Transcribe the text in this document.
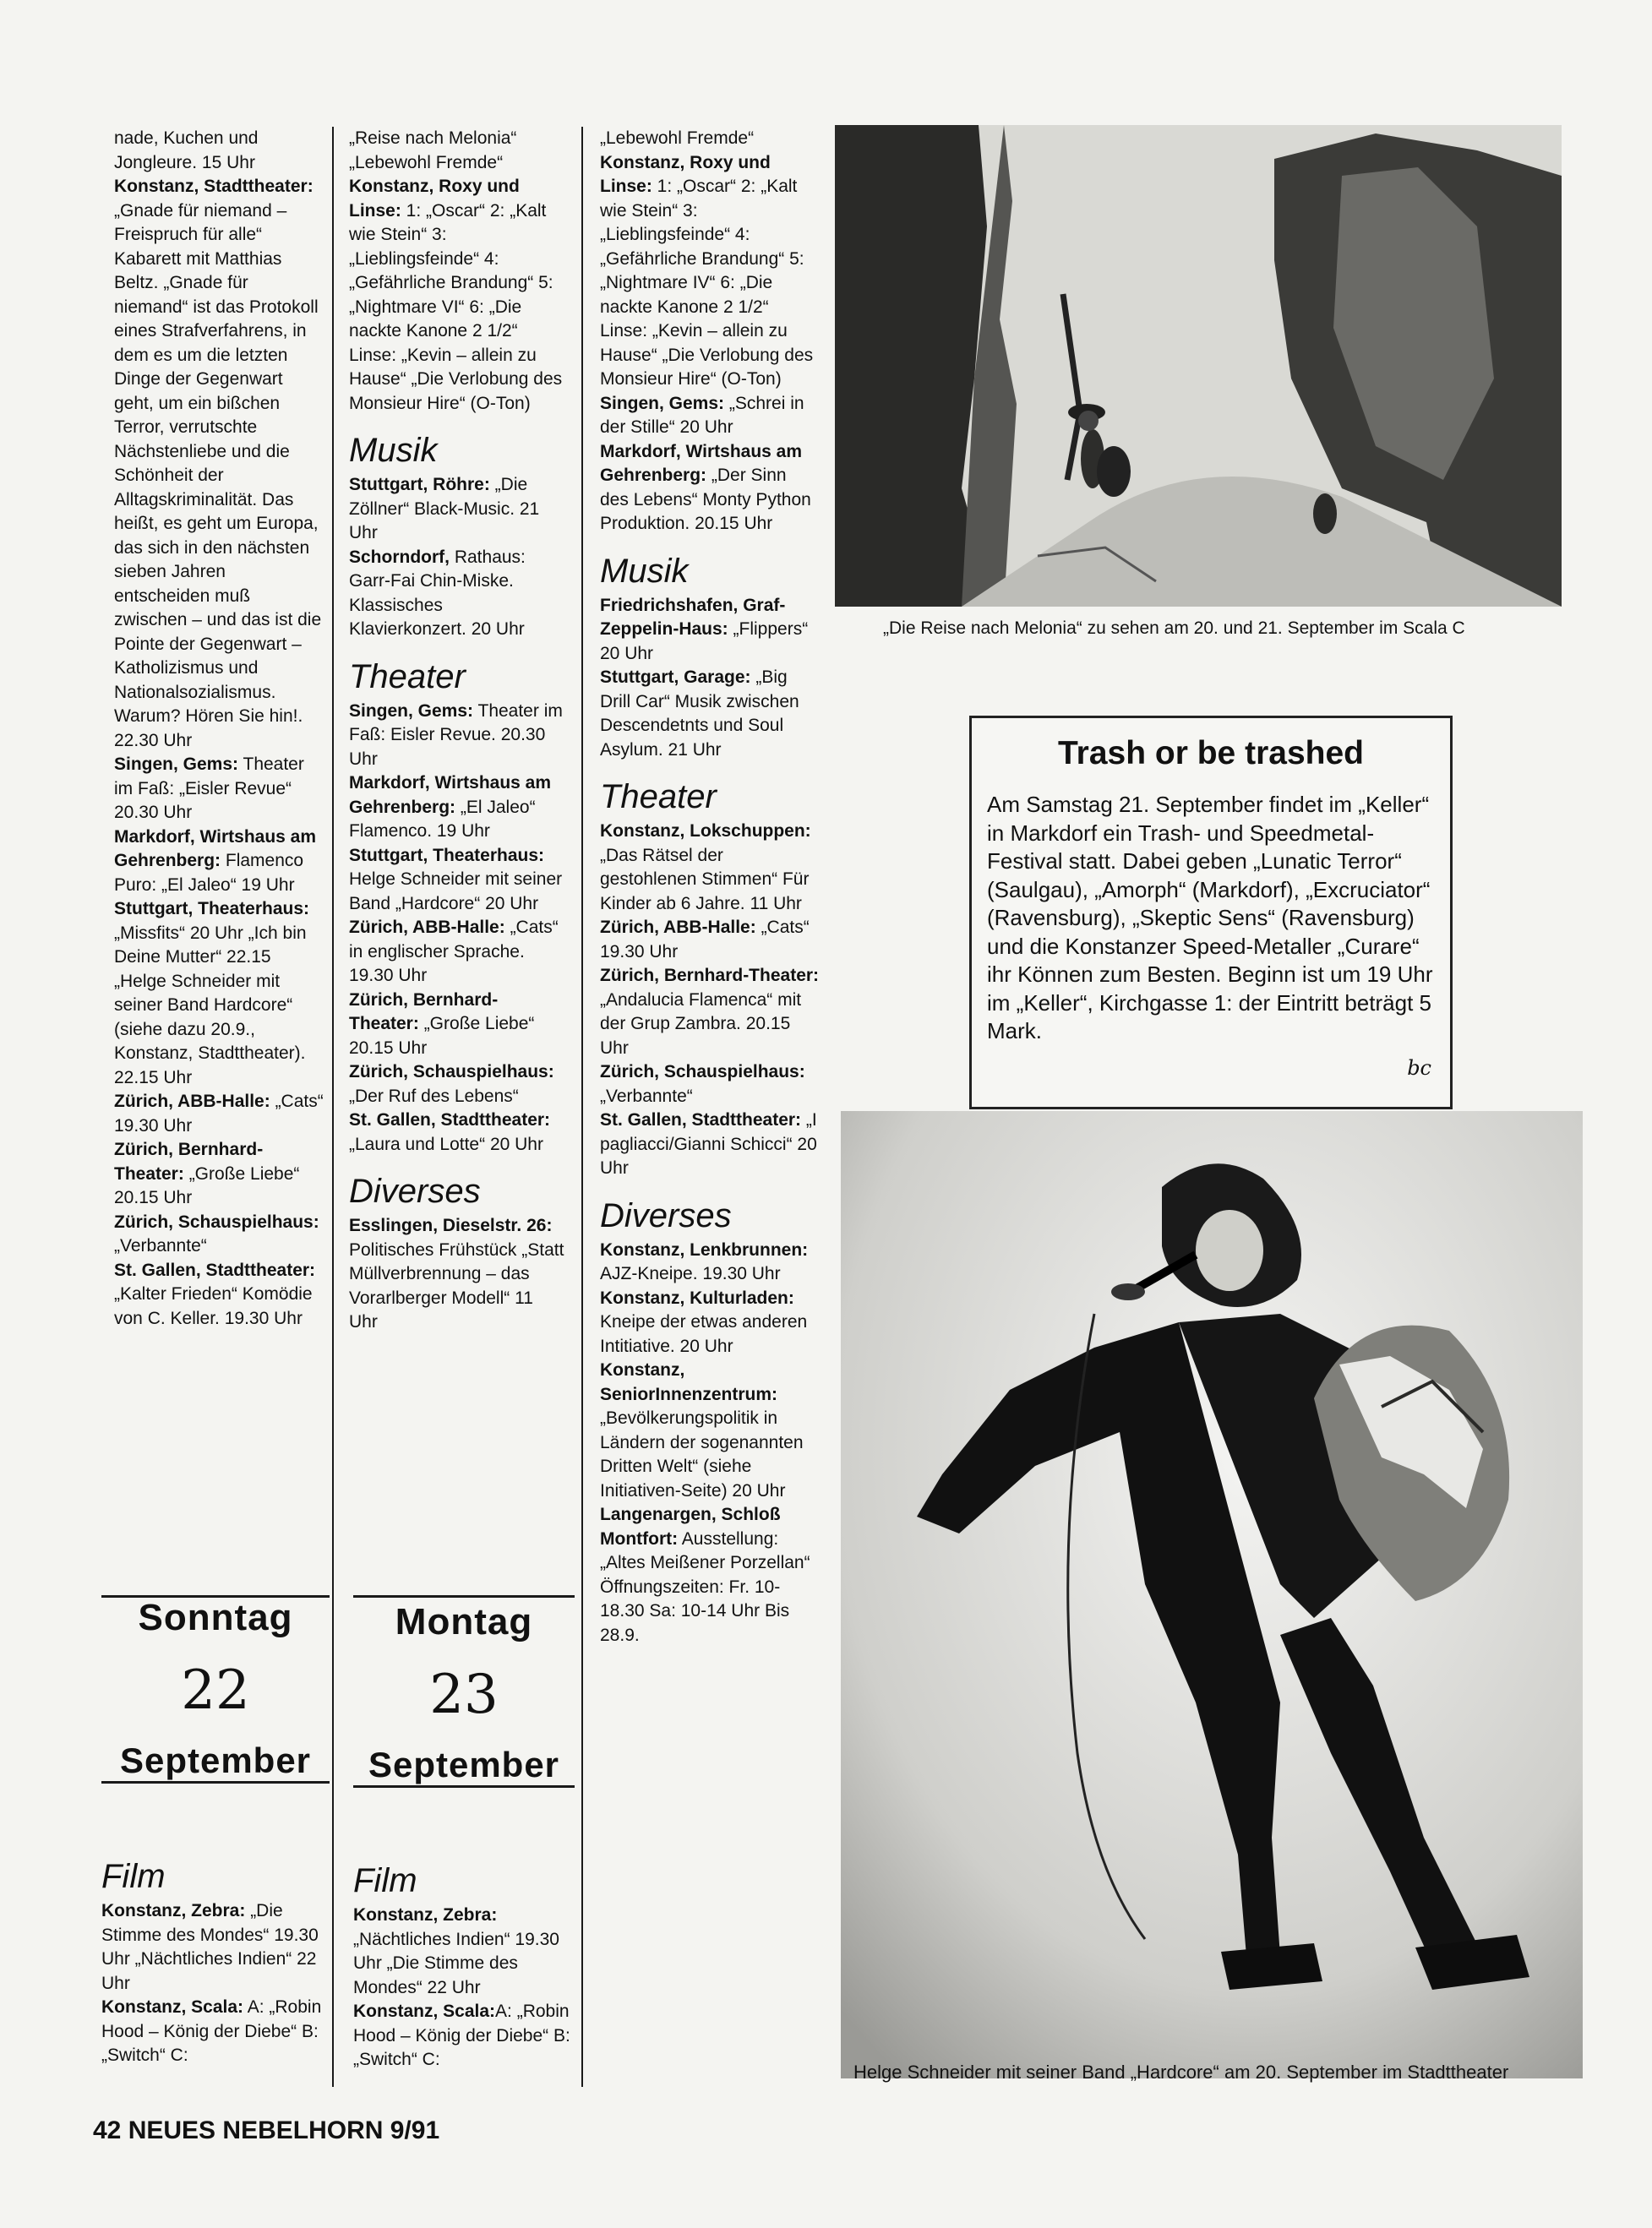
nade, Kuchen und Jongleure. 15 Uhr

Konstanz, Stadttheater: „Gnade für niemand – Freispruch für alle“ Kabarett mit Matthias Beltz. „Gnade für niemand“ ist das Protokoll eines Strafverfahrens, in dem es um die letzten Dinge der Gegenwart geht, um ein bißchen Terror, verrutschte Nächstenliebe und die Schönheit der Alltagskriminalität. Das heißt, es geht um Europa, das sich in den nächsten sieben Jahren entscheiden muß zwischen – und das ist die Pointe der Gegenwart – Katholizismus und Nationalsozialismus. Warum? Hören Sie hin!. 22.30 Uhr

Singen, Gems: Theater im Faß: „Eisler Revue“ 20.30 Uhr

Markdorf, Wirtshaus am Gehrenberg: Flamenco Puro: „El Jaleo“ 19 Uhr

Stuttgart, Theaterhaus: „Missfits“ 20 Uhr „Ich bin Deine Mutter“ 22.15 „Helge Schneider mit seiner Band Hardcore“ (siehe dazu 20.9., Konstanz, Stadttheater). 22.15 Uhr

Zürich, ABB-Halle: „Cats“ 19.30 Uhr

Zürich, Bernhard-Theater: „Große Liebe“ 20.15 Uhr

Zürich, Schauspielhaus: „Verbannte“

St. Gallen, Stadttheater: „Kalter Frieden“ Komödie von C. Keller. 19.30 Uhr

„Reise nach Melonia“ „Lebewohl Fremde“

Konstanz, Roxy und Linse: 1: „Oscar“ 2: „Kalt wie Stein“ 3: „Lieblingsfeinde“ 4: „Gefährliche Brandung“ 5: „Nightmare VI“ 6: „Die nackte Kanone 2 1/2“ Linse: „Kevin – allein zu Hause“ „Die Verlobung des Monsieur Hire“ (O-Ton)

Musik

Stuttgart, Röhre: „Die Zöllner“ Black-Music. 21 Uhr

Schorndorf, Rathaus: Garr-Fai Chin-Miske. Klassisches Klavierkonzert. 20 Uhr

Theater

Singen, Gems: Theater im Faß: Eisler Revue. 20.30 Uhr

Markdorf, Wirtshaus am Gehrenberg: „El Jaleo“ Flamenco. 19 Uhr

Stuttgart, Theaterhaus: Helge Schneider mit seiner Band „Hardcore“ 20 Uhr

Zürich, ABB-Halle: „Cats“ in englischer Sprache. 19.30 Uhr

Zürich, Bernhard-Theater: „Große Liebe“ 20.15 Uhr

Zürich, Schauspielhaus: „Der Ruf des Lebens“

St. Gallen, Stadttheater: „Laura und Lotte“ 20 Uhr

Diverses

Esslingen, Dieselstr. 26: Politisches Frühstück „Statt Müllverbrennung – das Vorarlberger Modell“ 11 Uhr

„Lebewohl Fremde“

Konstanz, Roxy und Linse: 1: „Oscar“ 2: „Kalt wie Stein“ 3: „Lieblingsfeinde“ 4: „Gefährliche Brandung“ 5: „Nightmare IV“ 6: „Die nackte Kanone 2 1/2“ Linse: „Kevin – allein zu Hause“ „Die Verlobung des Monsieur Hire“ (O-Ton)

Singen, Gems: „Schrei in der Stille“ 20 Uhr

Markdorf, Wirtshaus am Gehrenberg: „Der Sinn des Lebens“ Monty Python Produktion. 20.15 Uhr

Musik

Friedrichshafen, Graf-Zeppelin-Haus: „Flippers“ 20 Uhr

Stuttgart, Garage: „Big Drill Car“ Musik zwischen Descendetnts und Soul Asylum. 21 Uhr

Theater

Konstanz, Lokschuppen: „Das Rätsel der gestohlenen Stimmen“ Für Kinder ab 6 Jahre. 11 Uhr

Zürich, ABB-Halle: „Cats“ 19.30 Uhr

Zürich, Bernhard-Theater: „Andalucia Flamenca“ mit der Grup Zambra. 20.15 Uhr

Zürich, Schauspielhaus: „Verbannte“

St. Gallen, Stadttheater: „I pagliacci/Gianni Schicci“ 20 Uhr

Diverses

Konstanz, Lenkbrunnen: AJZ-Kneipe. 19.30 Uhr

Konstanz, Kulturladen: Kneipe der etwas anderen Intitiative. 20 Uhr

Konstanz, SeniorInnenzentrum: „Bevölkerungspolitik in Ländern der sogenannten Dritten Welt“ (siehe Initiativen-Seite) 20 Uhr

Langenargen, Schloß Montfort: Ausstellung: „Altes Meißener Porzellan“ Öffnungszeiten: Fr. 10-18.30 Sa: 10-14 Uhr Bis 28.9.

Sonntag
22
September
Montag
23
September

Film

Konstanz, Zebra: „Die Stimme des Mondes“ 19.30 Uhr „Nächtliches Indien“ 22 Uhr

Konstanz, Scala: A: „Robin Hood – König der Diebe“ B: „Switch“ C:

Film

Konstanz, Zebra: „Nächtliches Indien“ 19.30 Uhr „Die Stimme des Mondes“ 22 Uhr

Konstanz, Scala:A: „Robin Hood – König der Diebe“ B: „Switch“ C:

„Die Reise nach Melonia“ zu sehen am 20. und 21. September im Scala C
Trash or be trashed

Am Samstag 21. September findet im „Keller“ in Markdorf ein Trash- und Speedmetal-Festival statt. Dabei geben „Lunatic Terror“ (Saulgau), „Amorph“ (Markdorf), „Excruciator“ (Ravensburg), „Skeptic Sens“ (Ravensburg) und die Konstanzer Speed-Metaller „Curare“ ihr Können zum Besten. Beginn ist um 19 Uhr im „Keller“, Kirchgasse 1: der Eintritt beträgt 5 Mark.

bc
Helge Schneider mit seiner Band „Hardcore“ am 20. September im Stadttheater
42 NEUES NEBELHORN 9/91
